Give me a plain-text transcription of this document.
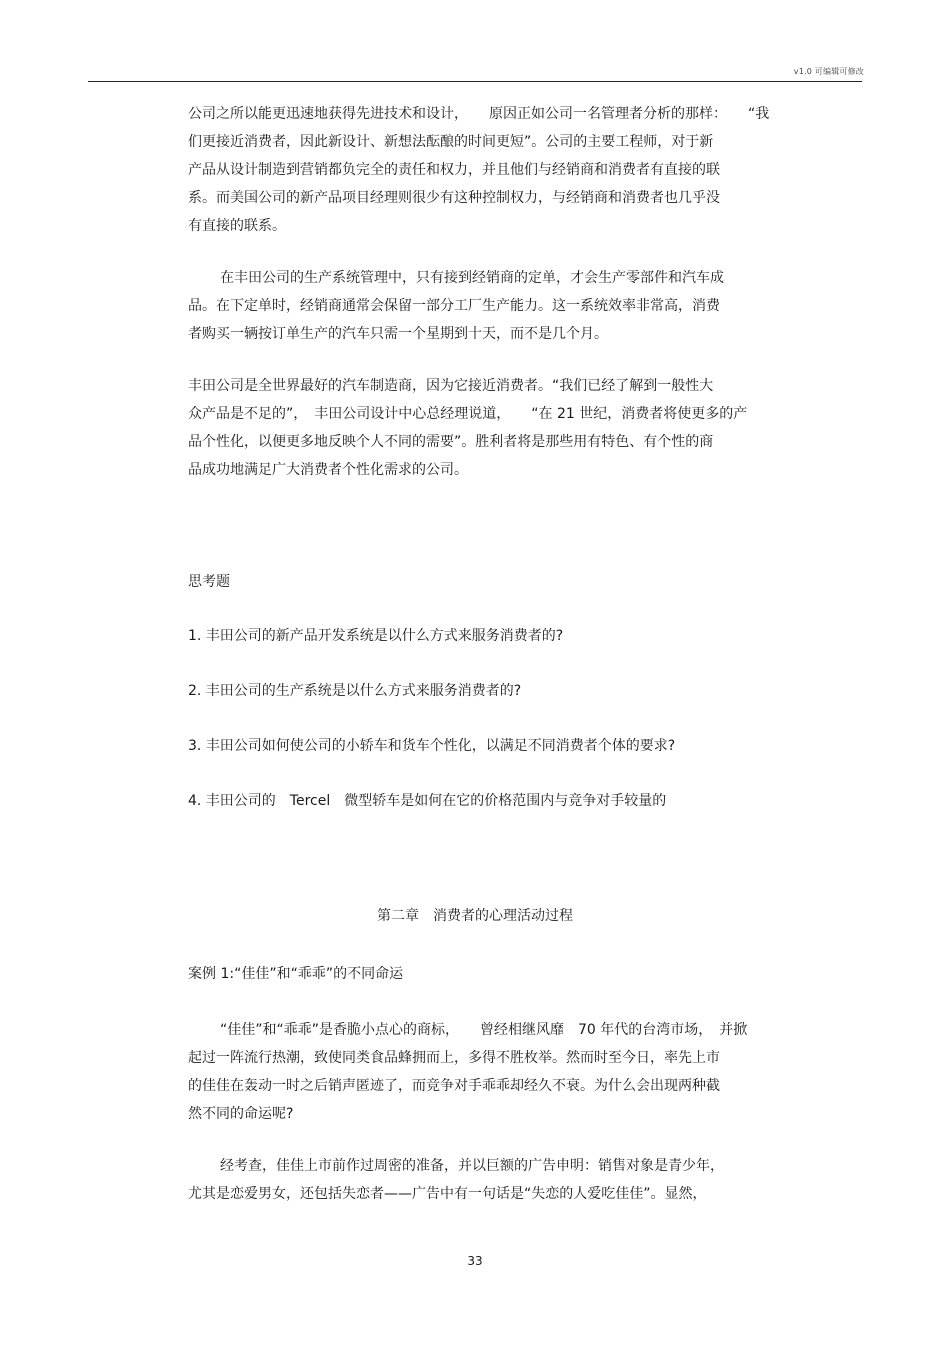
v1.0 可编辑可修改

公司之所以能更迅速地获得先进技术和设计，　　原因正如公司一名管理者分析的那样：　　“我
们更接近消费者，因此新设计、新想法酝酿的时间更短”。公司的主要工程师，对于新
产品从设计制造到营销都负完全的责任和权力，并且他们与经销商和消费者有直接的联
系。而美国公司的新产品项目经理则很少有这种控制权力，与经销商和消费者也几乎没
有直接的联系。

在丰田公司的生产系统管理中，只有接到经销商的定单，才会生产零部件和汽车成
品。在下定单时，经销商通常会保留一部分工厂生产能力。这一系统效率非常高，消费
者购买一辆按订单生产的汽车只需一个星期到十天，而不是几个月。

丰田公司是全世界最好的汽车制造商，因为它接近消费者。“我们已经了解到一般性大
众产品是不足的”，　丰田公司设计中心总经理说道，　　“在 21 世纪，消费者将使更多的产
品个性化，以便更多地反映个人不同的需要”。胜利者将是那些用有特色、有个性的商
品成功地满足广大消费者个性化需求的公司。

思考题

1. 丰田公司的新产品开发系统是以什么方式来服务消费者的?

2. 丰田公司的生产系统是以什么方式来服务消费者的?

3. 丰田公司如何使公司的小轿车和货车个性化，以满足不同消费者个体的要求?

4. 丰田公司的　Tercel　微型轿车是如何在它的价格范围内与竞争对手较量的

第二章　消费者的心理活动过程

案例 1:“佳佳”和“乖乖”的不同命运

“佳佳”和“乖乖”是香脆小点心的商标，　　曾经相继风靡　70 年代的台湾市场，　并掀
起过一阵流行热潮，致使同类食品蜂拥而上，多得不胜枚举。然而时至今日，率先上市
的佳佳在轰动一时之后销声匿迹了，而竞争对手乖乖却经久不衰。为什么会出现两种截
然不同的命运呢?

经考查，佳佳上市前作过周密的准备，并以巨额的广告申明：销售对象是青少年，
尤其是恋爱男女，还包括失恋者——广告中有一句话是“失恋的人爱吃佳佳”。显然，

33
